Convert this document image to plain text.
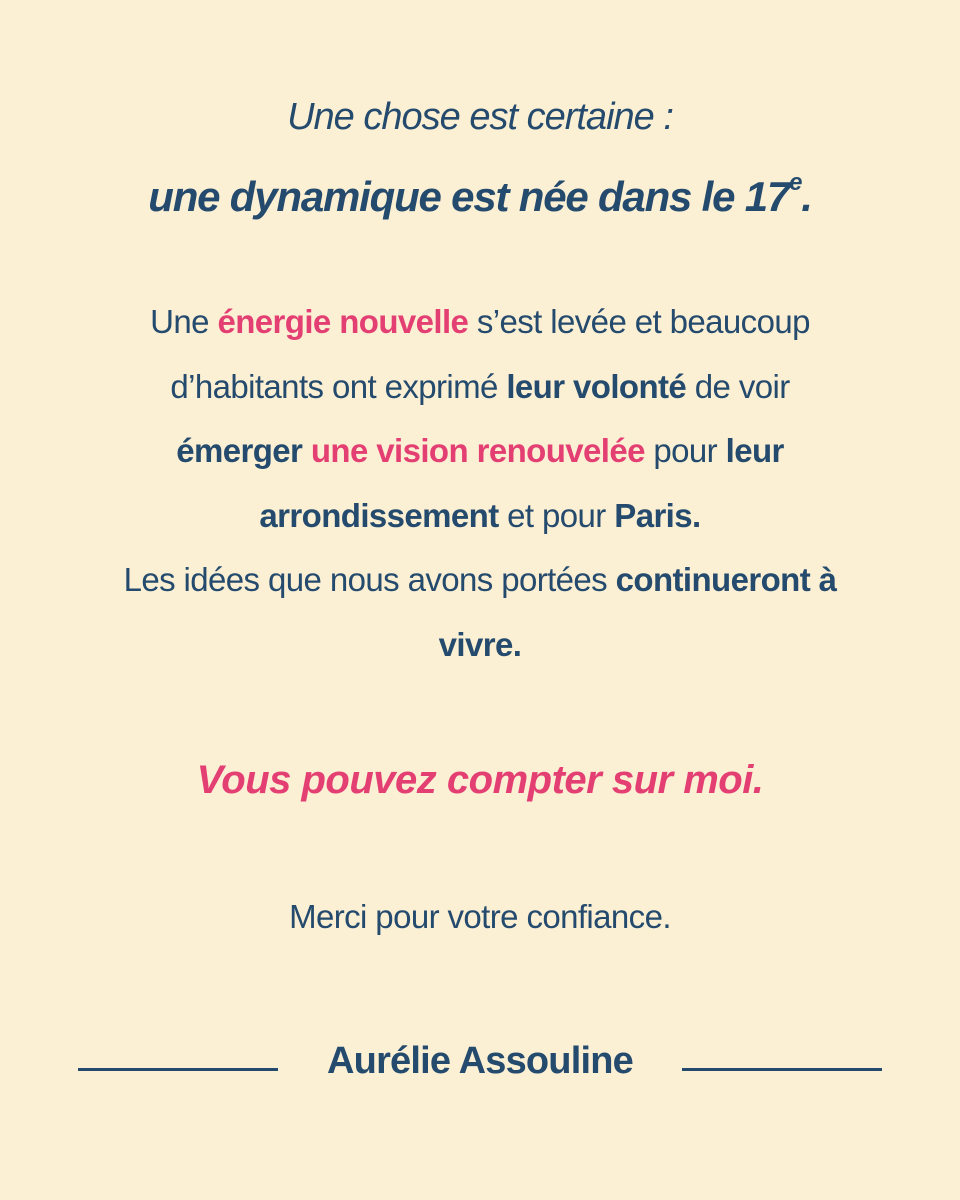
Une chose est certaine :
une dynamique est née dans le 17e.
Une énergie nouvelle s’est levée et beaucoup
d’habitants ont exprimé leur volonté de voir
émerger une vision renouvelée pour leur
arrondissement et pour Paris.
Les idées que nous avons portées continueront à
vivre.
Vous pouvez compter sur moi.
Merci pour votre confiance.
Aurélie Assouline
